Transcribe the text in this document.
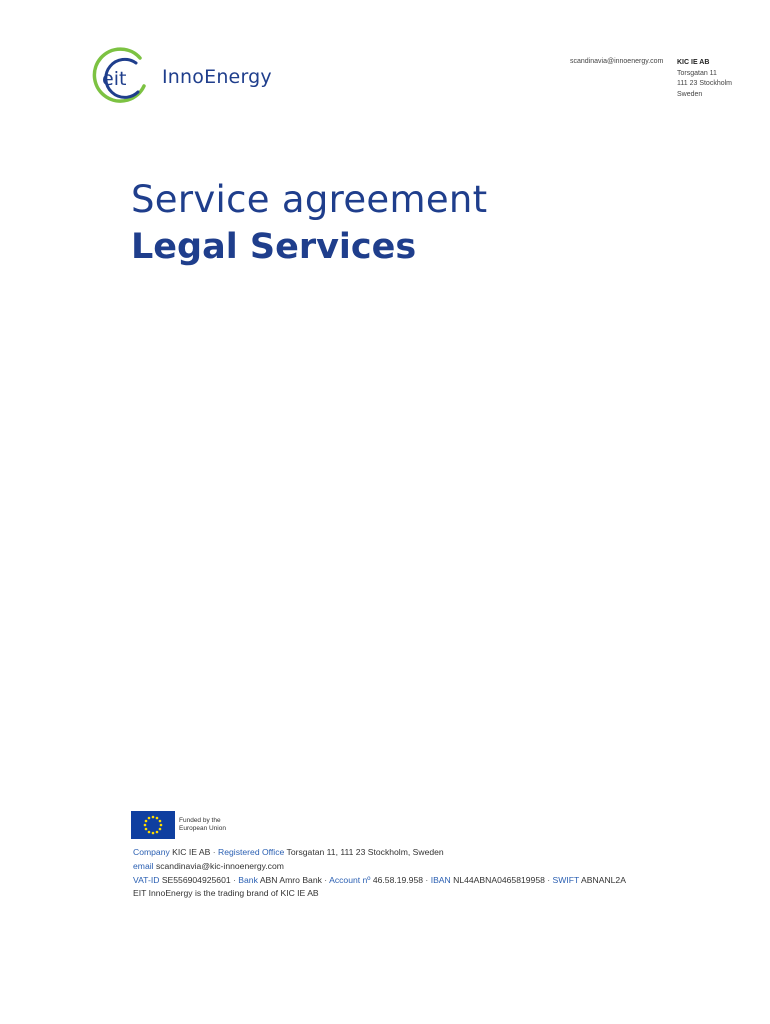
eit InnoEnergy
scandinavia@innoenergy.com KIC IE AB
Torsgatan 11
111 23 Stockholm
Sweden
Service agreement
Legal Services
Funded by the
European Union
Company KIC IE AB · Registered Office Torsgatan 11, 111 23 Stockholm, Sweden
email scandinavia@kic-innoenergy.com
VAT-ID SE556904925601 · Bank ABN Amro Bank · Account nº 46.58.19.958 · IBAN NL44ABNA0465819958 · SWIFT ABNANL2A
EIT InnoEnergy is the trading brand of KIC IE AB
